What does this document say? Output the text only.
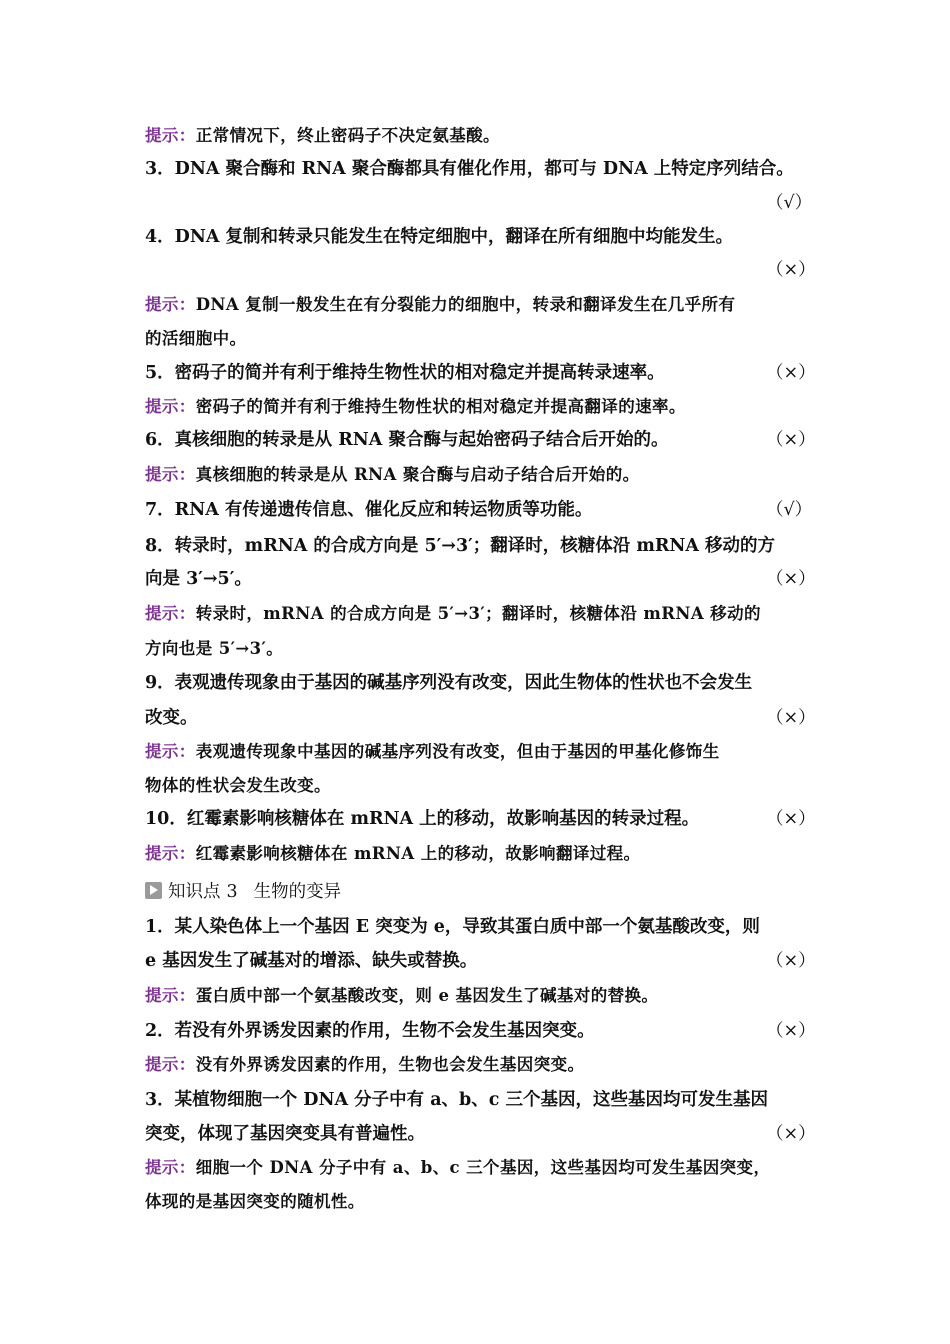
提示：正常情况下，终止密码子不决定氨基酸。
3．DNA 聚合酶和 RNA 聚合酶都具有催化作用，都可与 DNA 上特定序列结合。
（√）
4．DNA 复制和转录只能发生在特定细胞中，翻译在所有细胞中均能发生。
（×）
提示：DNA 复制一般发生在有分裂能力的细胞中，转录和翻译发生在几乎所有
的活细胞中。
5．密码子的简并有利于维持生物性状的相对稳定并提高转录速率。	（×）
提示：密码子的简并有利于维持生物性状的相对稳定并提高翻译的速率。
6．真核细胞的转录是从 RNA 聚合酶与起始密码子结合后开始的。	（×）
提示：真核细胞的转录是从 RNA 聚合酶与启动子结合后开始的。
7．RNA 有传递遗传信息、催化反应和转运物质等功能。	（√）
8．转录时，mRNA 的合成方向是 5′→3′；翻译时，核糖体沿 mRNA 移动的方
向是 3′→5′。	（×）
提示：转录时，mRNA 的合成方向是 5′→3′；翻译时，核糖体沿 mRNA 移动的
方向也是 5′→3′。
9．表观遗传现象由于基因的碱基序列没有改变，因此生物体的性状也不会发生
改变。	（×）
提示：表观遗传现象中基因的碱基序列没有改变，但由于基因的甲基化修饰生
物体的性状会发生改变。
10．红霉素影响核糖体在 mRNA 上的移动，故影响基因的转录过程。	（×）
提示：红霉素影响核糖体在 mRNA 上的移动，故影响翻译过程。
知识点 3 生物的变异
1．某人染色体上一个基因 E 突变为 e，导致其蛋白质中部一个氨基酸改变，则
e 基因发生了碱基对的增添、缺失或替换。	（×）
提示：蛋白质中部一个氨基酸改变，则 e 基因发生了碱基对的替换。
2．若没有外界诱发因素的作用，生物不会发生基因突变。	（×）
提示：没有外界诱发因素的作用，生物也会发生基因突变。
3．某植物细胞一个 DNA 分子中有 a、b、c 三个基因，这些基因均可发生基因
突变，体现了基因突变具有普遍性。	（×）
提示：细胞一个 DNA 分子中有 a、b、c 三个基因，这些基因均可发生基因突变，
体现的是基因突变的随机性。
